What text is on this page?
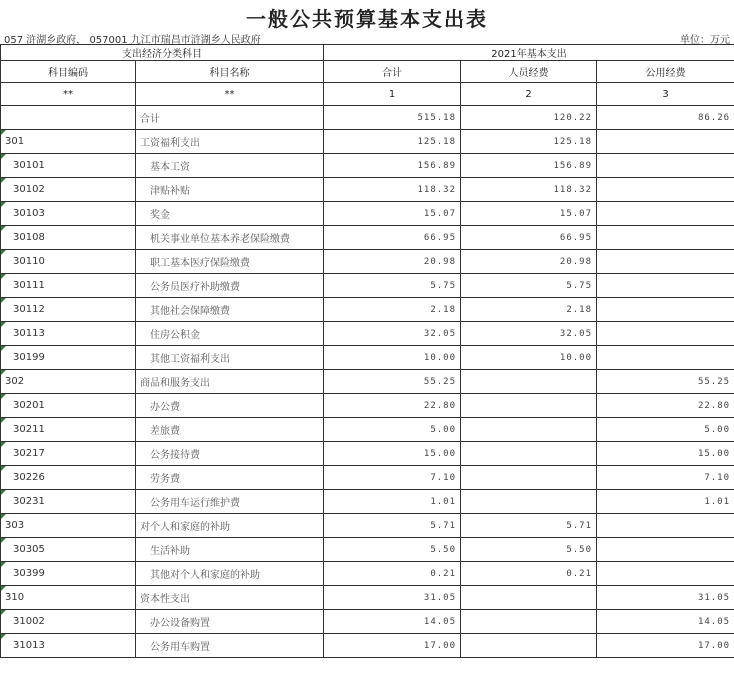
一般公共预算基本支出表
057 浒湖乡政府， 057001 九江市瑞昌市浒湖乡人民政府	单位：万元
支出经济分类科目		2021年基本支出		
科目编码	科目名称	合计	人员经费	公用经费
**	**	1	2	3
	合计	515.18	120.22	86.26

301	工资福利支出	125.18	125.18	

30101	基本工资	156.89	156.89	

30102	津贴补贴	118.32	118.32	

30103	奖金	15.07	15.07	

30108	机关事业单位基本养老保险缴费	66.95	66.95	

30110	职工基本医疗保险缴费	20.98	20.98	

30111	公务员医疗补助缴费	5.75	5.75	

30112	其他社会保障缴费	2.18	2.18	

30113	住房公积金	32.05	32.05	

30199	其他工资福利支出	10.00	10.00	

302	商品和服务支出	55.25		55.25

30201	办公费	22.80		22.80

30211	差旅费	5.00		5.00

30217	公务接待费	15.00		15.00

30226	劳务费	7.10		7.10

30231	公务用车运行维护费	1.01		1.01

303	对个人和家庭的补助	5.71	5.71	

30305	生活补助	5.50	5.50	

30399	其他对个人和家庭的补助	0.21	0.21	

310	资本性支出	31.05		31.05

31002	办公设备购置	14.05		14.05

31013	公务用车购置	17.00		17.00
